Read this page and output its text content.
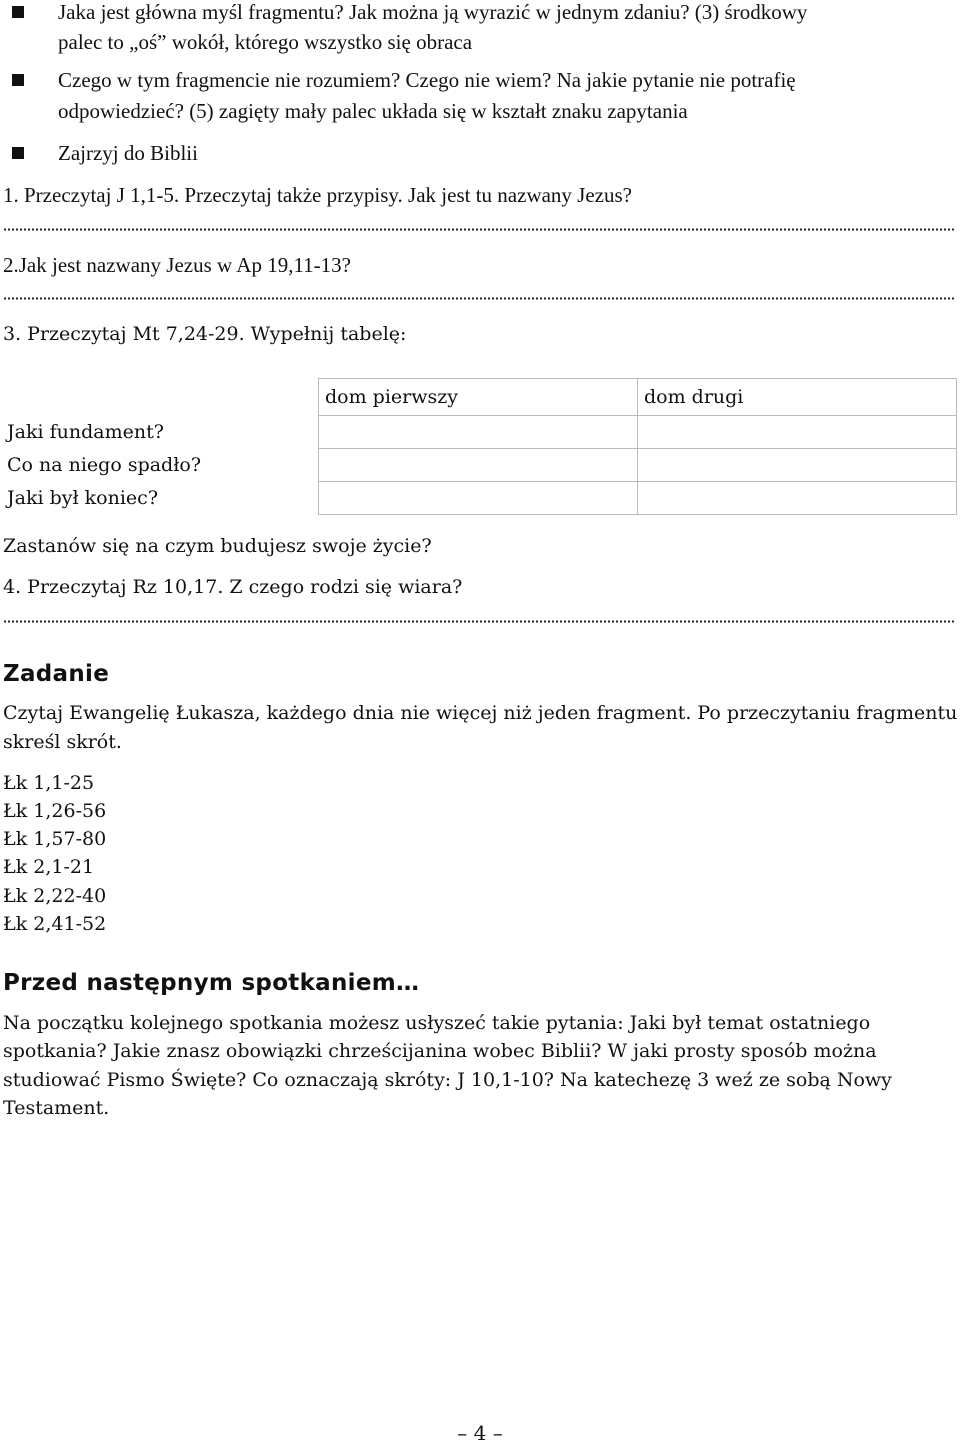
Jaka jest główna myśl fragmentu? Jak można ją wyrazić w jednym zdaniu? (3) środkowy
palec to „oś” wokół, którego wszystko się obraca
Czego w tym fragmencie nie rozumiem? Czego nie wiem? Na jakie pytanie nie potrafię
odpowiedzieć? (5) zagięty mały palec układa się w kształt znaku zapytania
Zajrzyj do Biblii
1. Przeczytaj J 1,1-5. Przeczytaj także przypisy. Jak jest tu nazwany Jezus?
2.Jak jest nazwany Jezus w Ap 19,11-13?
3. Przeczytaj Mt 7,24-29. Wypełnij tabelę:
	dom pierwszy	dom drugi
Jaki fundament?		
Co na niego spadło?		
Jaki był koniec?		
Zastanów się na czym budujesz swoje życie?
4. Przeczytaj Rz 10,17. Z czego rodzi się wiara?
Zadanie
Czytaj Ewangelię Łukasza, każdego dnia nie więcej niż jeden fragment. Po przeczytaniu fragmentu
skreśl skrót.
Łk 1,1-25
Łk 1,26-56
Łk 1,57-80
Łk 2,1-21
Łk 2,22-40
Łk 2,41-52
Przed następnym spotkaniem…
Na początku kolejnego spotkania możesz usłyszeć takie pytania: Jaki był temat ostatniego
spotkania? Jakie znasz obowiązki chrześcijanina wobec Biblii? W jaki prosty sposób można
studiować Pismo Święte? Co oznaczają skróty: J 10,1-10? Na katechezę 3 weź ze sobą Nowy
Testament.
– 4 –
